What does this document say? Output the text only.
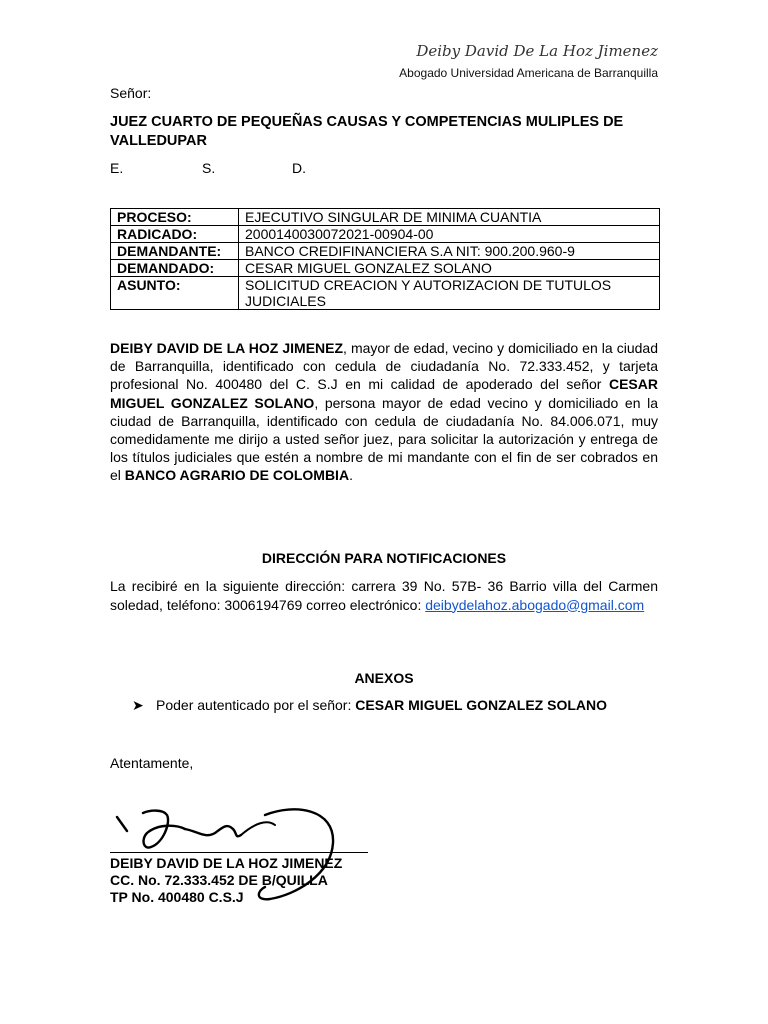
Deiby David De La Hoz Jimenez
Abogado Universidad Americana de Barranquilla
Señor:
JUEZ CUARTO DE PEQUEÑAS CAUSAS Y COMPETENCIAS MULIPLES DE VALLEDUPAR
E.	S.	D.
PROCESO:	EJECUTIVO SINGULAR DE MINIMA CUANTIA
RADICADO:	2000140030072021-00904-00
DEMANDANTE:	BANCO CREDIFINANCIERA S.A NIT: 900.200.960-9
DEMANDADO:	CESAR MIGUEL GONZALEZ SOLANO
ASUNTO:	SOLICITUD CREACION Y AUTORIZACION DE TUTULOS JUDICIALES
DEIBY DAVID DE LA HOZ JIMENEZ, mayor de edad, vecino y domiciliado en la ciudad de Barranquilla, identificado con cedula de ciudadanía No. 72.333.452, y tarjeta profesional No. 400480 del C. S.J en mi calidad de apoderado del señor CESAR MIGUEL GONZALEZ SOLANO, persona mayor de edad vecino y domiciliado en la ciudad de Barranquilla, identificado con cedula de ciudadanía No. 84.006.071, muy comedidamente me dirijo a usted señor juez, para solicitar la autorización y entrega de los títulos judiciales que estén a nombre de mi mandante con el fin de ser cobrados en el BANCO AGRARIO DE COLOMBIA.
DIRECCIÓN PARA NOTIFICACIONES
La recibiré en la siguiente dirección: carrera 39 No. 57B- 36 Barrio villa del Carmen soledad, teléfono: 3006194769 correo electrónico: deibydelahoz.abogado@gmail.com
ANEXOS
➤ Poder autenticado por el señor: CESAR MIGUEL GONZALEZ SOLANO
Atentamente,
DEIBY DAVID DE LA HOZ JIMENEZ
CC. No. 72.333.452 DE B/QUILLA
TP No. 400480 C.S.J
